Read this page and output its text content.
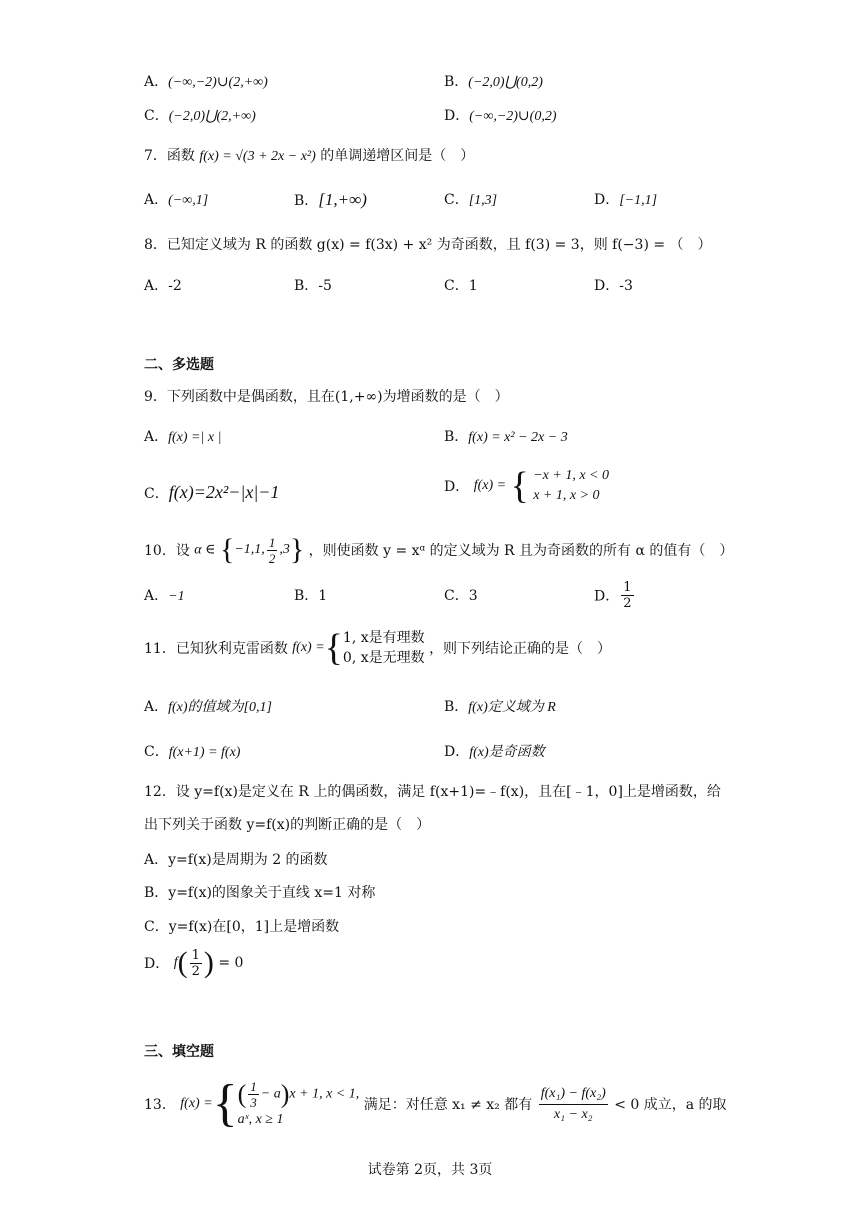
A．(−∞,−2)∪(2,+∞)	B．(−2,0)⋃(0,2)
C．(−2,0)⋃(2,+∞)	D．(−∞,−2)∪(0,2)
7．函数 f(x) = √(3 + 2x − x²) 的单调递增区间是（　）
A．(−∞,1]	B．[1,+∞)	C．[1,3]	D．[−1,1]
8．已知定义域为 R 的函数 g(x) = f(3x) + x² 为奇函数，且 f(3) = 3，则 f(−3) = （　）
A．-2	B．-5	C．1	D．-3
二、多选题
9．下列函数中是偶函数，且在(1,+∞)为增函数的是（　）
A．f(x) =| x |	B．f(x) = x² − 2x − 3
C．f(x)=2x²−|x|−1	D． f(x) = { −x + 1, x < 0
x + 1, x > 0
10．设 α ∈ {−1,1, $\frac{1}{2} ,3$} ，则使函数 y = xᵅ 的定义域为 R 且为奇函数的所有 α 的值有（　）
A．−1	B．1	C．3	D． $\frac{1}{2}$
11．已知狄利克雷函数 f(x) ={ 1, x是有理数
0, x是无理数
，则下列结论正确的是（　）
A．f(x)的值域为[0,1]	B．f(x)定义域为 R
C．f(x+1) = f(x)	D．f(x)是奇函数
12．设 y=f(x)是定义在 R 上的偶函数，满足 f(x+1)=﹣f(x)，且在[﹣1，0]上是增函数，给
出下列关于函数 y=f(x)的判断正确的是（　）
A．y=f(x)是周期为 2 的函数
B．y=f(x)的图象关于直线 x=1 对称
C．y=f(x)在[0，1]上是增函数
D． $f( \frac{1}{2}$ ) = 0
三、填空题
13． f(x) ={ ( $\frac{1}{3} - a)x + 1$, x < 1,
aˣ, x ≥ 1
满足：对任意 x₁ ≠ x₂ 都有 $\frac{\text{f(x₁) − f(x₂)}}{\text{x₁ − x₂}} < 0$ 成立，a 的取
试卷第 2页，共 3页
